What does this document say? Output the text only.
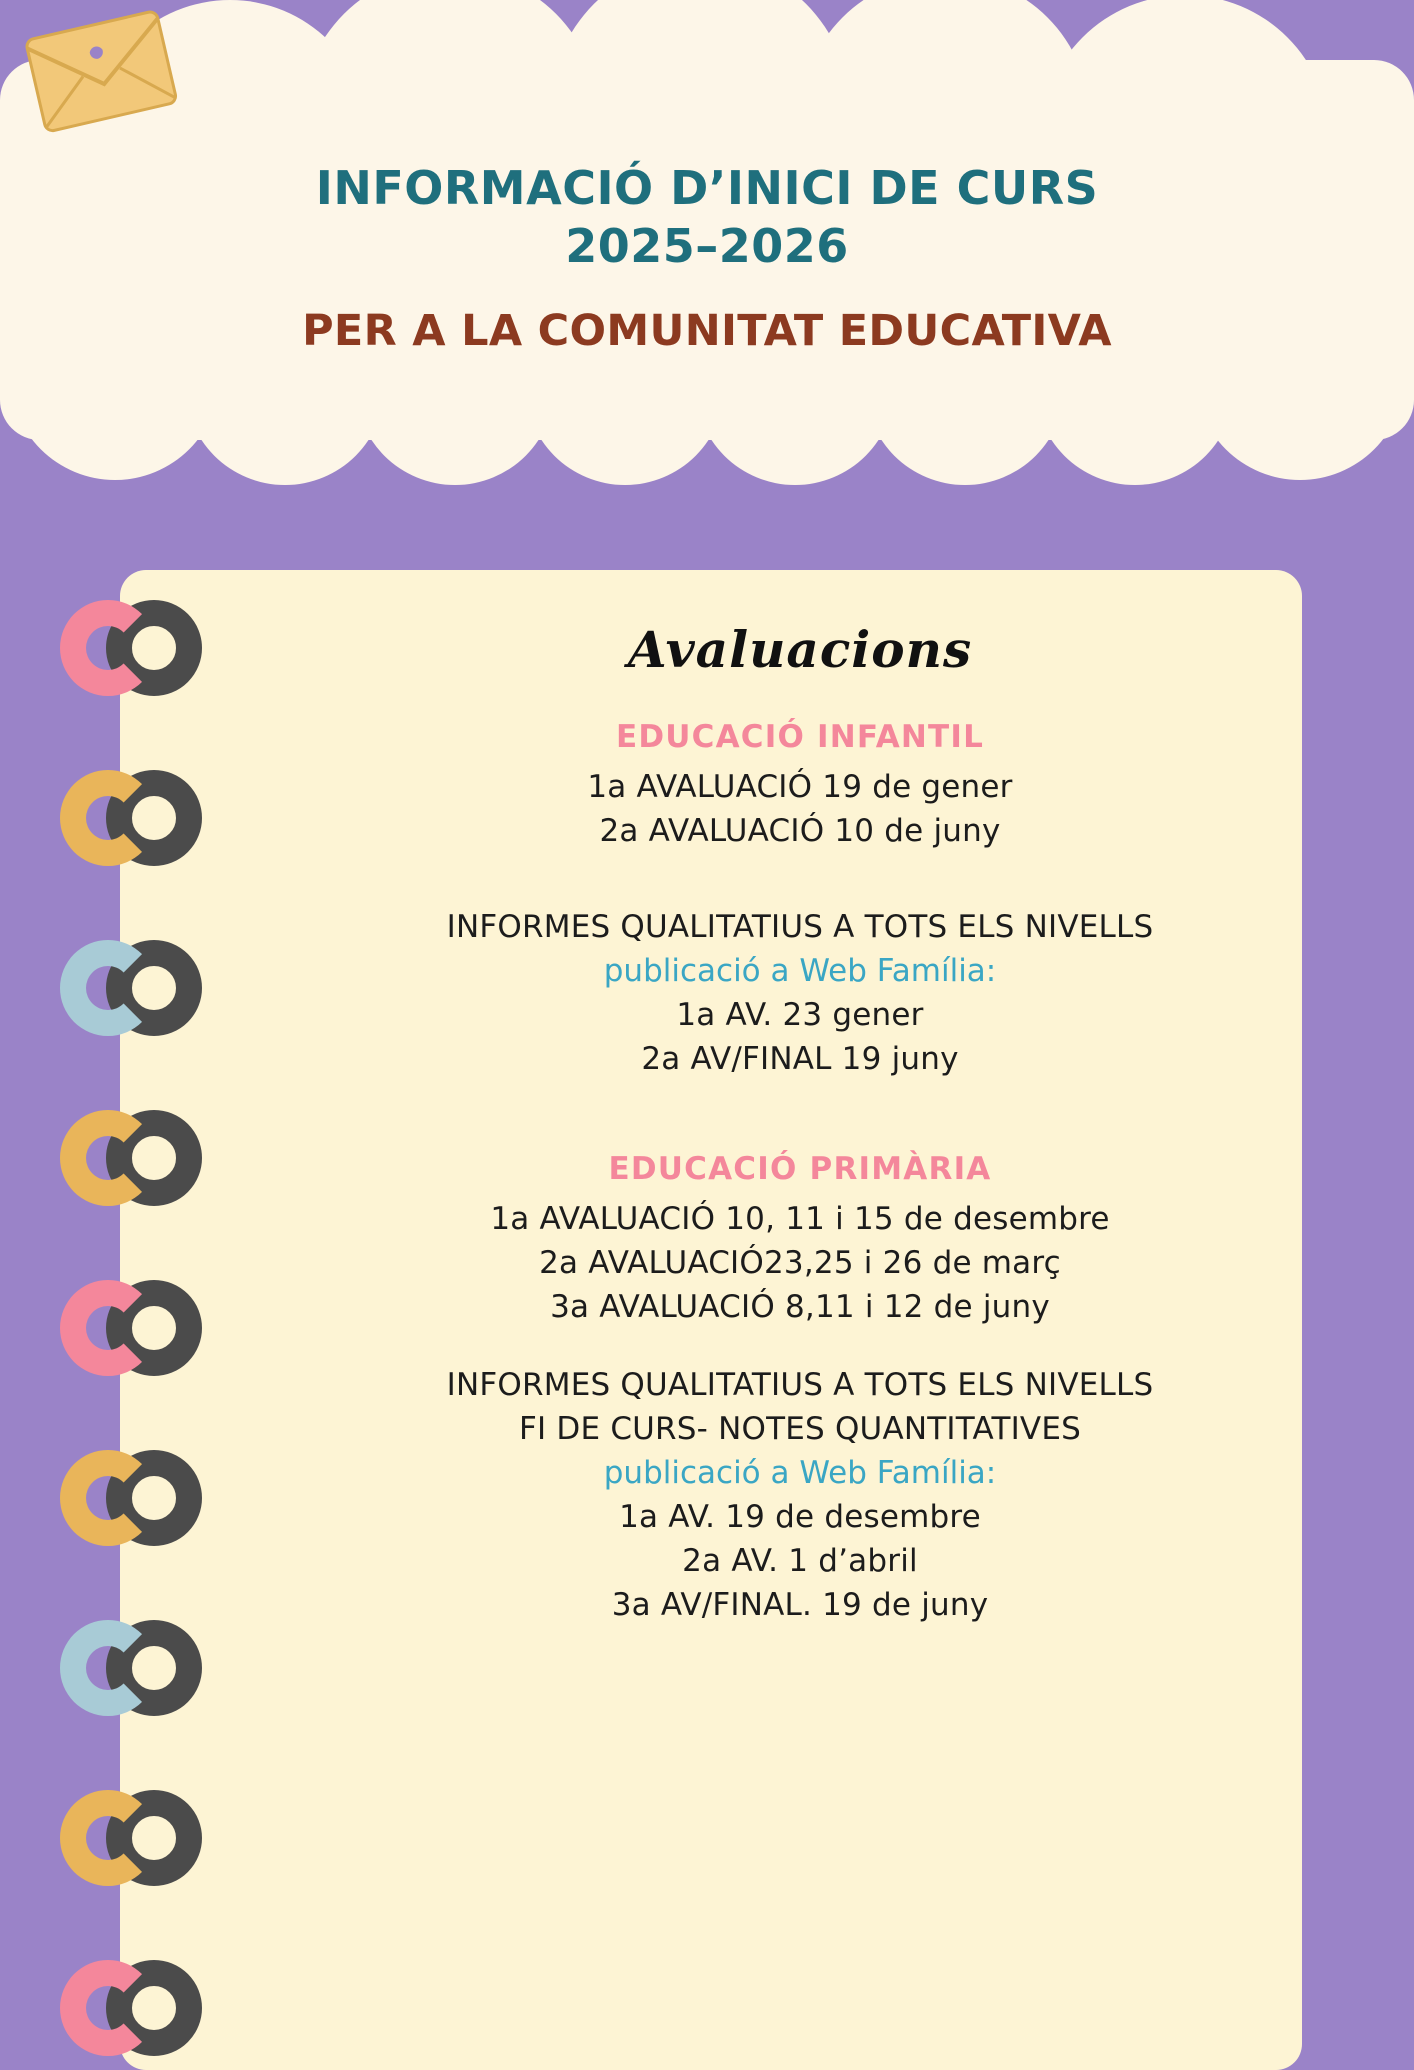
INFORMACIÓ D’INICI DE CURS
2025–2026
PER A LA COMUNITAT EDUCATIVA
Avaluacions
EDUCACIÓ INFANTIL
1a AVALUACIÓ 19 de gener
2a AVALUACIÓ 10 de juny
INFORMES QUALITATIUS A TOTS ELS NIVELLS
publicació a Web Família:
1a AV. 23 gener
2a AV/FINAL 19 juny
EDUCACIÓ PRIMÀRIA
1a AVALUACIÓ 10, 11 i 15 de desembre
2a AVALUACIÓ23,25 i 26 de març
3a AVALUACIÓ 8,11 i 12 de juny
INFORMES QUALITATIUS A TOTS ELS NIVELLS
FI DE CURS- NOTES QUANTITATIVES
publicació a Web Família:
1a AV. 19 de desembre
2a AV. 1 d’abril
3a AV/FINAL. 19 de juny
